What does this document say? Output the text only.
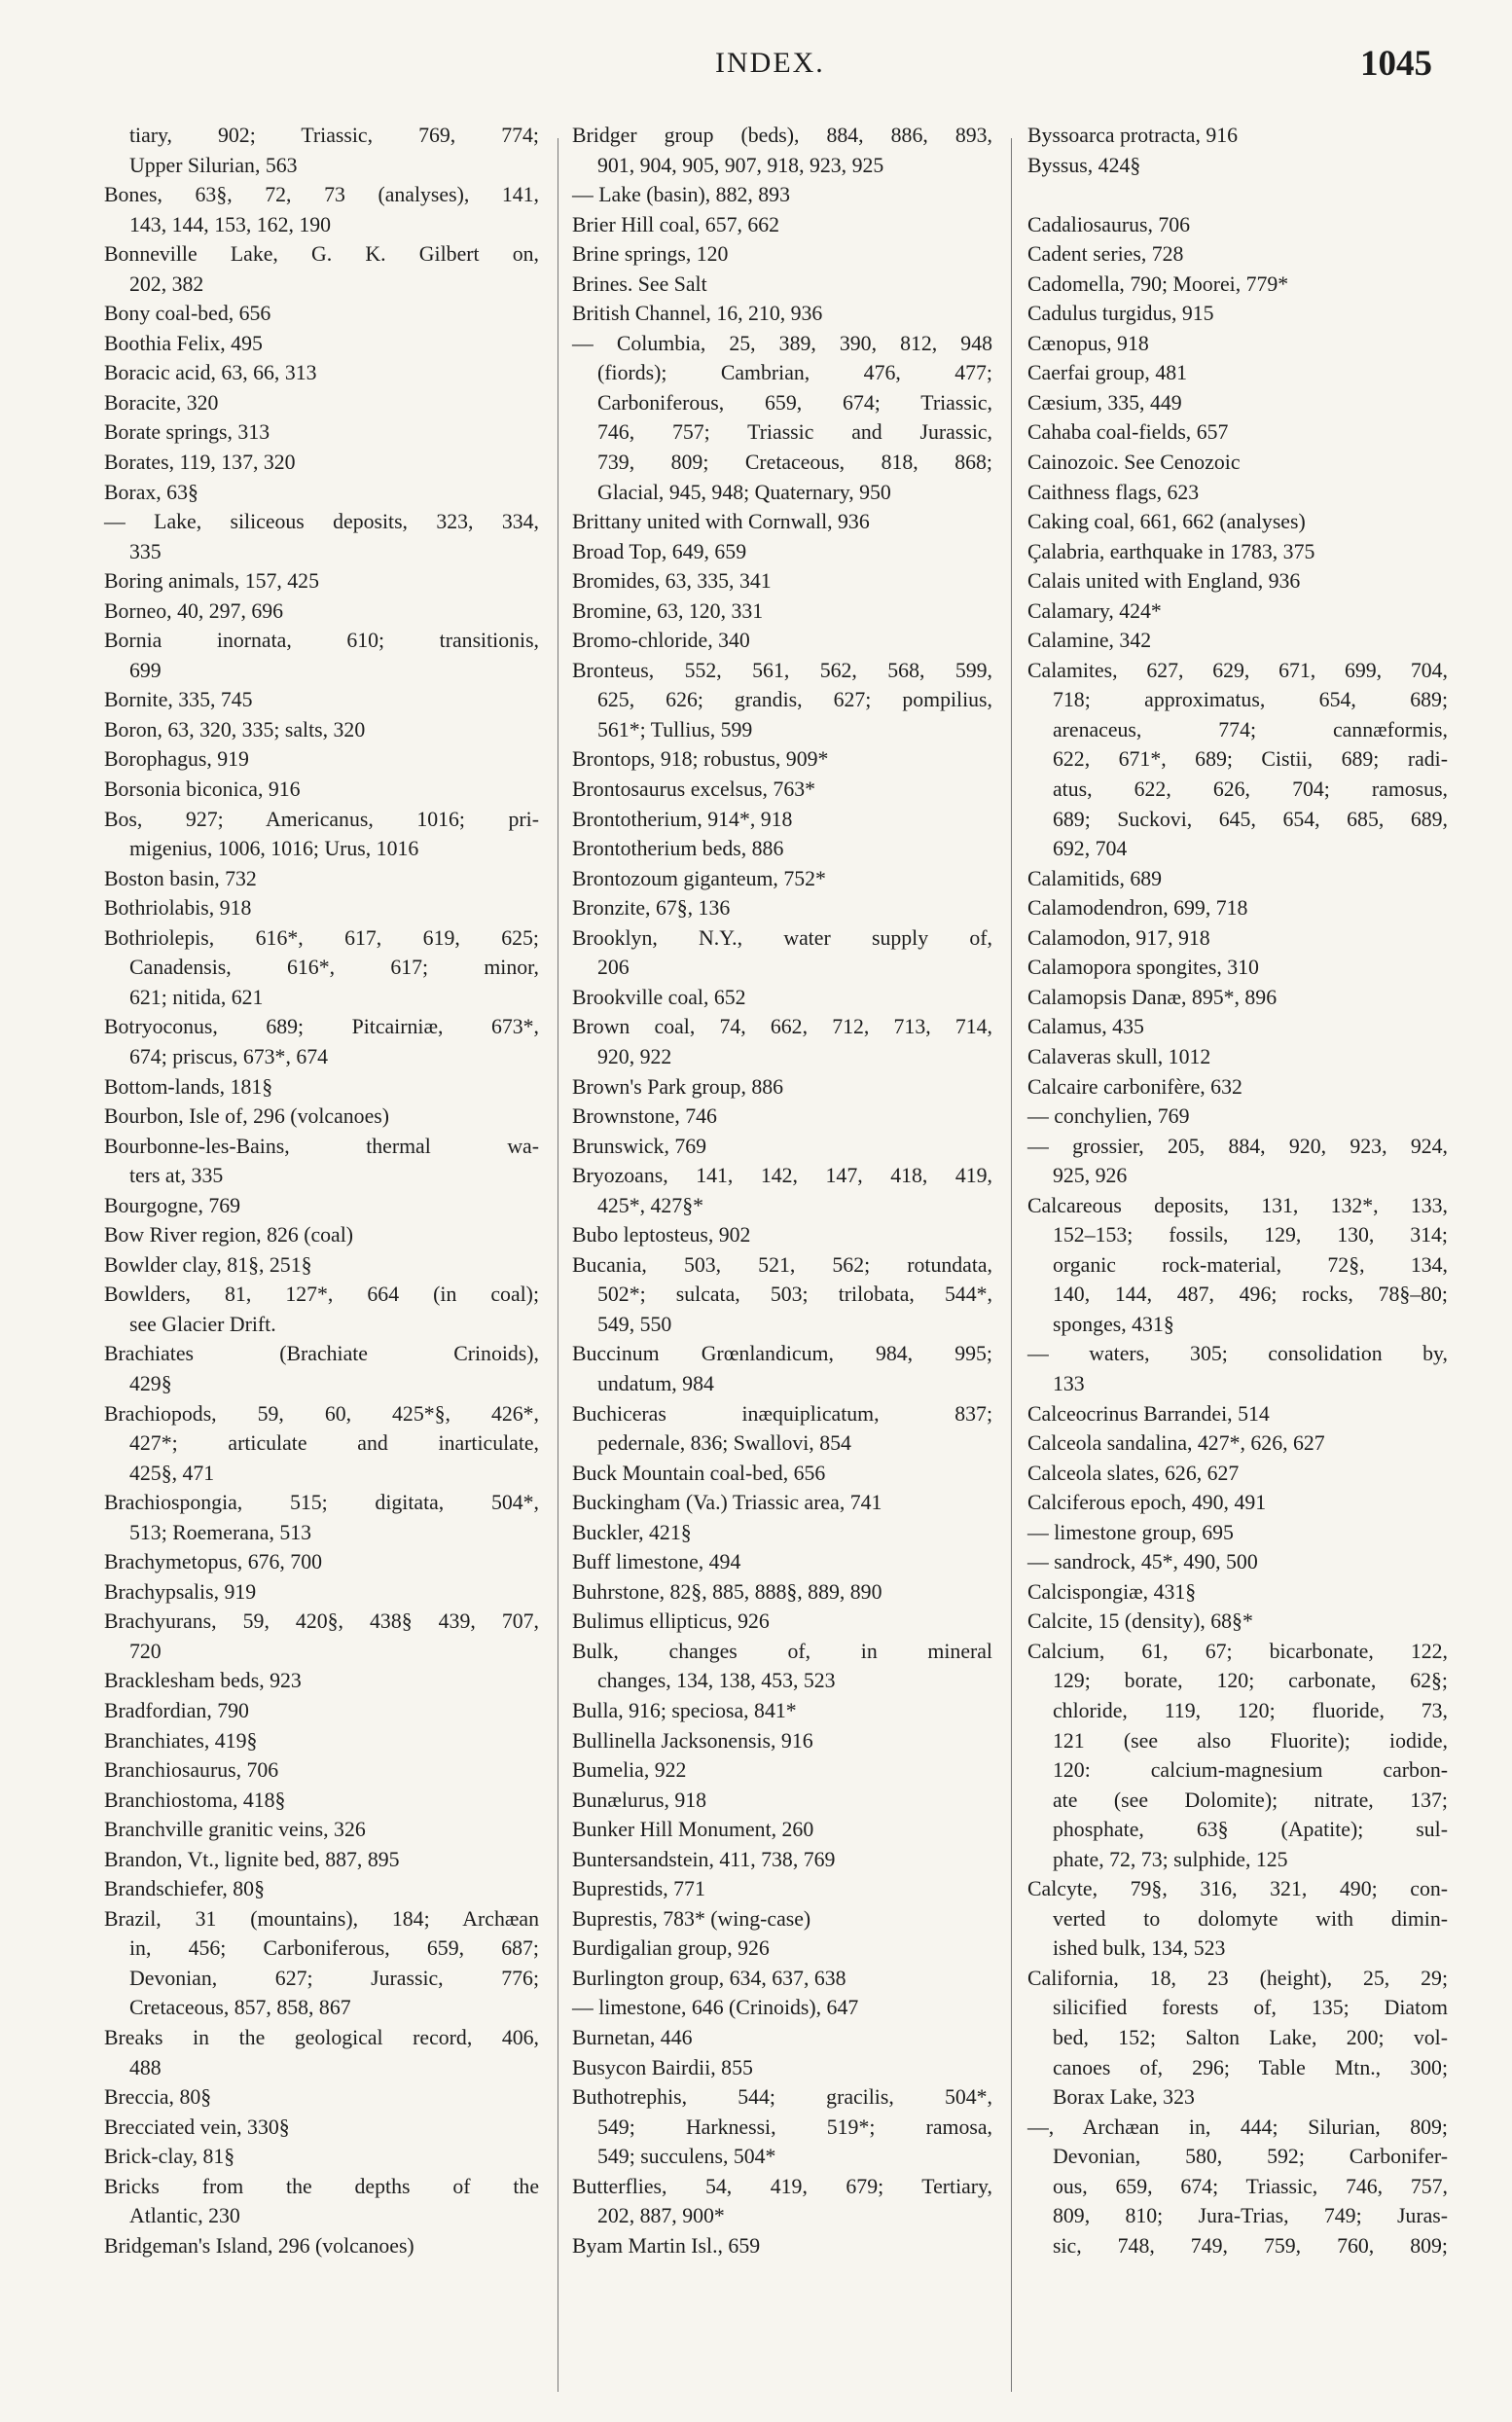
INDEX.	1045
tiary, 902; Triassic, 769, 774;
Upper Silurian, 563
Bones, 63§, 72, 73 (analyses), 141,
143, 144, 153, 162, 190
Bonneville Lake, G. K. Gilbert on,
202, 382
Bony coal-bed, 656
Boothia Felix, 495
Boracic acid, 63, 66, 313
Boracite, 320
Borate springs, 313
Borates, 119, 137, 320
Borax, 63§
— Lake, siliceous deposits, 323, 334,
335
Boring animals, 157, 425
Borneo, 40, 297, 696
Bornia inornata, 610; transitionis,
699
Bornite, 335, 745
Boron, 63, 320, 335; salts, 320
Borophagus, 919
Borsonia biconica, 916
Bos, 927; Americanus, 1016; pri-
migenius, 1006, 1016; Urus, 1016
Boston basin, 732
Bothriolabis, 918
Bothriolepis, 616*, 617, 619, 625;
Canadensis, 616*, 617; minor,
621; nitida, 621
Botryoconus, 689; Pitcairniæ, 673*,
674; priscus, 673*, 674
Bottom-lands, 181§
Bourbon, Isle of, 296 (volcanoes)
Bourbonne-les-Bains, thermal wa-
ters at, 335
Bourgogne, 769
Bow River region, 826 (coal)
Bowlder clay, 81§, 251§
Bowlders, 81, 127*, 664 (in coal);
see Glacier Drift.
Brachiates (Brachiate Crinoids),
429§
Brachiopods, 59, 60, 425*§, 426*,
427*; articulate and inarticulate,
425§, 471
Brachiospongia, 515; digitata, 504*,
513; Roemerana, 513
Brachymetopus, 676, 700
Brachypsalis, 919
Brachyurans, 59, 420§, 438§ 439, 707,
720
Bracklesham beds, 923
Bradfordian, 790
Branchiates, 419§
Branchiosaurus, 706
Branchiostoma, 418§
Branchville granitic veins, 326
Brandon, Vt., lignite bed, 887, 895
Brandschiefer, 80§
Brazil, 31 (mountains), 184; Archæan
in, 456; Carboniferous, 659, 687;
Devonian, 627; Jurassic, 776;
Cretaceous, 857, 858, 867
Breaks in the geological record, 406,
488
Breccia, 80§
Brecciated vein, 330§
Brick-clay, 81§
Bricks from the depths of the
Atlantic, 230
Bridgeman's Island, 296 (volcanoes)
Bridger group (beds), 884, 886, 893,
901, 904, 905, 907, 918, 923, 925
— Lake (basin), 882, 893
Brier Hill coal, 657, 662
Brine springs, 120
Brines. See Salt
British Channel, 16, 210, 936
— Columbia, 25, 389, 390, 812, 948
(fiords); Cambrian, 476, 477;
Carboniferous, 659, 674; Triassic,
746, 757; Triassic and Jurassic,
739, 809; Cretaceous, 818, 868;
Glacial, 945, 948; Quaternary, 950
Brittany united with Cornwall, 936
Broad Top, 649, 659
Bromides, 63, 335, 341
Bromine, 63, 120, 331
Bromo-chloride, 340
Bronteus, 552, 561, 562, 568, 599,
625, 626; grandis, 627; pompilius,
561*; Tullius, 599
Brontops, 918; robustus, 909*
Brontosaurus excelsus, 763*
Brontotherium, 914*, 918
Brontotherium beds, 886
Brontozoum giganteum, 752*
Bronzite, 67§, 136
Brooklyn, N.Y., water supply of,
206
Brookville coal, 652
Brown coal, 74, 662, 712, 713, 714,
920, 922
Brown's Park group, 886
Brownstone, 746
Brunswick, 769
Bryozoans, 141, 142, 147, 418, 419,
425*, 427§*
Bubo leptosteus, 902
Bucania, 503, 521, 562; rotundata,
502*; sulcata, 503; trilobata, 544*,
549, 550
Buccinum Grœnlandicum, 984, 995;
undatum, 984
Buchiceras inæquiplicatum, 837;
pedernale, 836; Swallovi, 854
Buck Mountain coal-bed, 656
Buckingham (Va.) Triassic area, 741
Buckler, 421§
Buff limestone, 494
Buhrstone, 82§, 885, 888§, 889, 890
Bulimus ellipticus, 926
Bulk, changes of, in mineral
changes, 134, 138, 453, 523
Bulla, 916; speciosa, 841*
Bullinella Jacksonensis, 916
Bumelia, 922
Bunælurus, 918
Bunker Hill Monument, 260
Buntersandstein, 411, 738, 769
Buprestids, 771
Buprestis, 783* (wing-case)
Burdigalian group, 926
Burlington group, 634, 637, 638
— limestone, 646 (Crinoids), 647
Burnetan, 446
Busycon Bairdii, 855
Buthotrephis, 544; gracilis, 504*,
549; Harknessi, 519*; ramosa,
549; succulens, 504*
Butterflies, 54, 419, 679; Tertiary,
202, 887, 900*
Byam Martin Isl., 659
Byssoarca protracta, 916
Byssus, 424§
Cadaliosaurus, 706
Cadent series, 728
Cadomella, 790; Moorei, 779*
Cadulus turgidus, 915
Cænopus, 918
Caerfai group, 481
Cæsium, 335, 449
Cahaba coal-fields, 657
Cainozoic. See Cenozoic
Caithness flags, 623
Caking coal, 661, 662 (analyses)
Çalabria, earthquake in 1783, 375
Calais united with England, 936
Calamary, 424*
Calamine, 342
Calamites, 627, 629, 671, 699, 704,
718; approximatus, 654, 689;
arenaceus, 774; cannæformis,
622, 671*, 689; Cistii, 689; radi-
atus, 622, 626, 704; ramosus,
689; Suckovi, 645, 654, 685, 689,
692, 704
Calamitids, 689
Calamodendron, 699, 718
Calamodon, 917, 918
Calamopora spongites, 310
Calamopsis Danæ, 895*, 896
Calamus, 435
Calaveras skull, 1012
Calcaire carbonifère, 632
— conchylien, 769
— grossier, 205, 884, 920, 923, 924,
925, 926
Calcareous deposits, 131, 132*, 133,
152–153; fossils, 129, 130, 314;
organic rock-material, 72§, 134,
140, 144, 487, 496; rocks, 78§–80;
sponges, 431§
— waters, 305; consolidation by,
133
Calceocrinus Barrandei, 514
Calceola sandalina, 427*, 626, 627
Calceola slates, 626, 627
Calciferous epoch, 490, 491
— limestone group, 695
— sandrock, 45*, 490, 500
Calcispongiæ, 431§
Calcite, 15 (density), 68§*
Calcium, 61, 67; bicarbonate, 122,
129; borate, 120; carbonate, 62§;
chloride, 119, 120; fluoride, 73,
121 (see also Fluorite); iodide,
120: calcium-magnesium carbon-
ate (see Dolomite); nitrate, 137;
phosphate, 63§ (Apatite); sul-
phate, 72, 73; sulphide, 125
Calcyte, 79§, 316, 321, 490; con-
verted to dolomyte with dimin-
ished bulk, 134, 523
California, 18, 23 (height), 25, 29;
silicified forests of, 135; Diatom
bed, 152; Salton Lake, 200; vol-
canoes of, 296; Table Mtn., 300;
Borax Lake, 323
—, Archæan in, 444; Silurian, 809;
Devonian, 580, 592; Carbonifer-
ous, 659, 674; Triassic, 746, 757,
809, 810; Jura-Trias, 749; Juras-
sic, 748, 749, 759, 760, 809;
